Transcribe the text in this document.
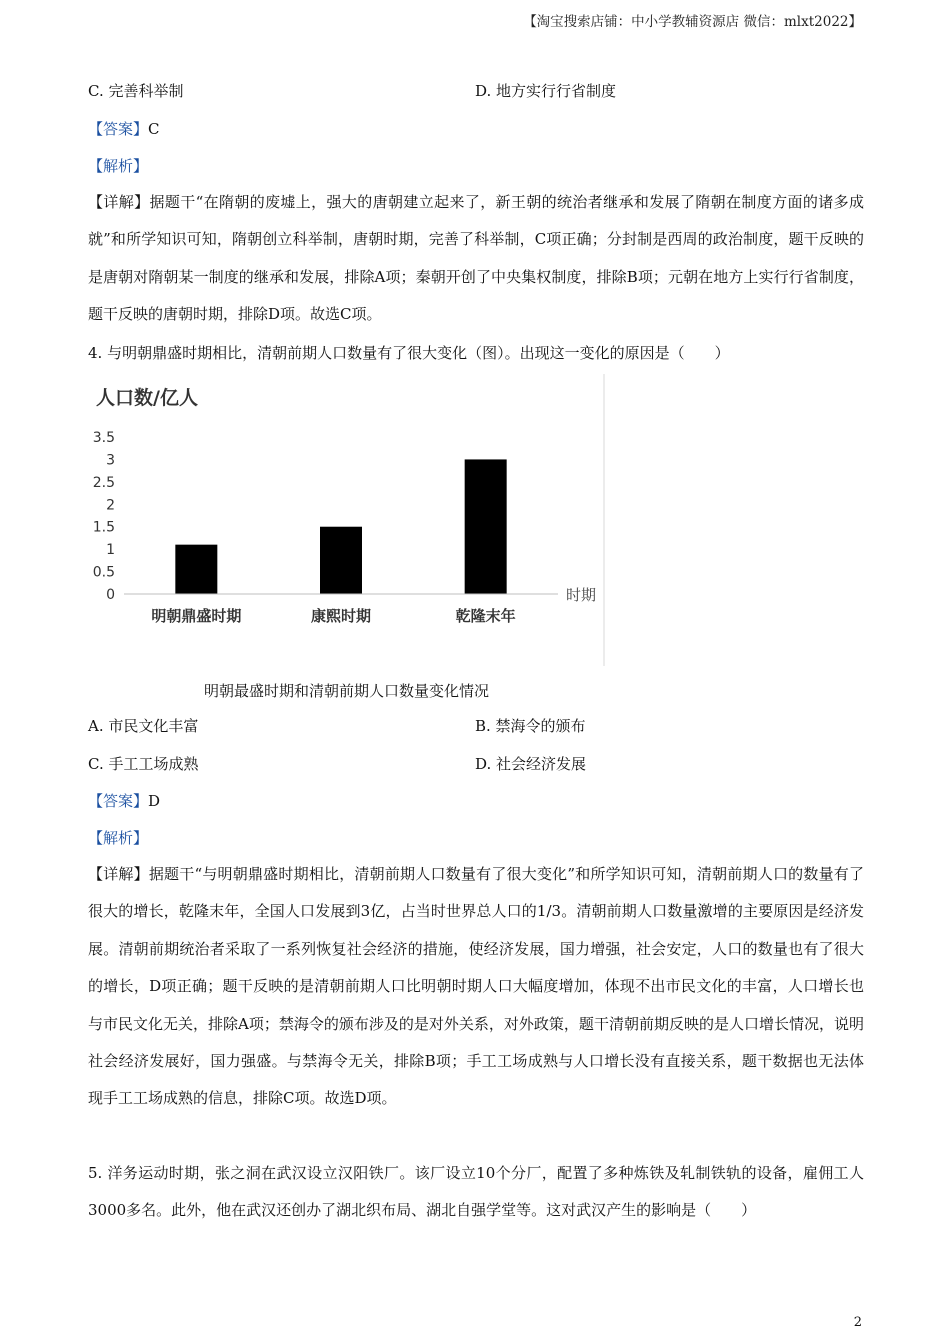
【淘宝搜索店铺：中小学教辅资源店 微信：mlxt2022】
C. 完善科举制	D. 地方实行行省制度
【答案】C
【解析】
【详解】据题干“在隋朝的废墟上，强大的唐朝建立起来了，新王朝的统治者继承和发展了隋朝在制度方面的诸多成就”和所学知识可知，隋朝创立科举制，唐朝时期，完善了科举制，C项正确；分封制是西周的政治制度，题干反映的是唐朝对隋朝某一制度的继承和发展，排除A项；秦朝开创了中央集权制度，排除B项；元朝在地方上实行行省制度，题干反映的唐朝时期，排除D项。故选C项。
4. 与明朝鼎盛时期相比，清朝前期人口数量有了很大变化（图）。出现这一变化的原因是（　　）
人口数/亿人
时期
0
0.5
1
1.5
2
2.5
3
3.5
明朝鼎盛时期	康熙时期	乾隆末年
明朝最盛时期和清朝前期人口数量变化情况
A. 市民文化丰富	B. 禁海令的颁布
C. 手工工场成熟	D. 社会经济发展
【答案】D
【解析】
【详解】据题干“与明朝鼎盛时期相比，清朝前期人口数量有了很大变化”和所学知识可知，清朝前期人口的数量有了很大的增长，乾隆末年，全国人口发展到3亿，占当时世界总人口的1/3。清朝前期人口数量激增的主要原因是经济发展。清朝前期统治者采取了一系列恢复社会经济的措施，使经济发展，国力增强，社会安定，人口的数量也有了很大的增长，D项正确；题干反映的是清朝前期人口比明朝时期人口大幅度增加，体现不出市民文化的丰富，人口增长也与市民文化无关，排除A项；禁海令的颁布涉及的是对外关系，对外政策，题干清朝前期反映的是人口增长情况，说明社会经济发展好，国力强盛。与禁海令无关，排除B项；手工工场成熟与人口增长没有直接关系，题干数据也无法体现手工工场成熟的信息，排除C项。故选D项。
5. 洋务运动时期，张之洞在武汉设立汉阳铁厂。该厂设立10个分厂，配置了多种炼铁及轧制铁轨的设备，雇佣工人3000多名。此外，他在武汉还创办了湖北织布局、湖北自强学堂等。这对武汉产生的影响是（　　）
2
